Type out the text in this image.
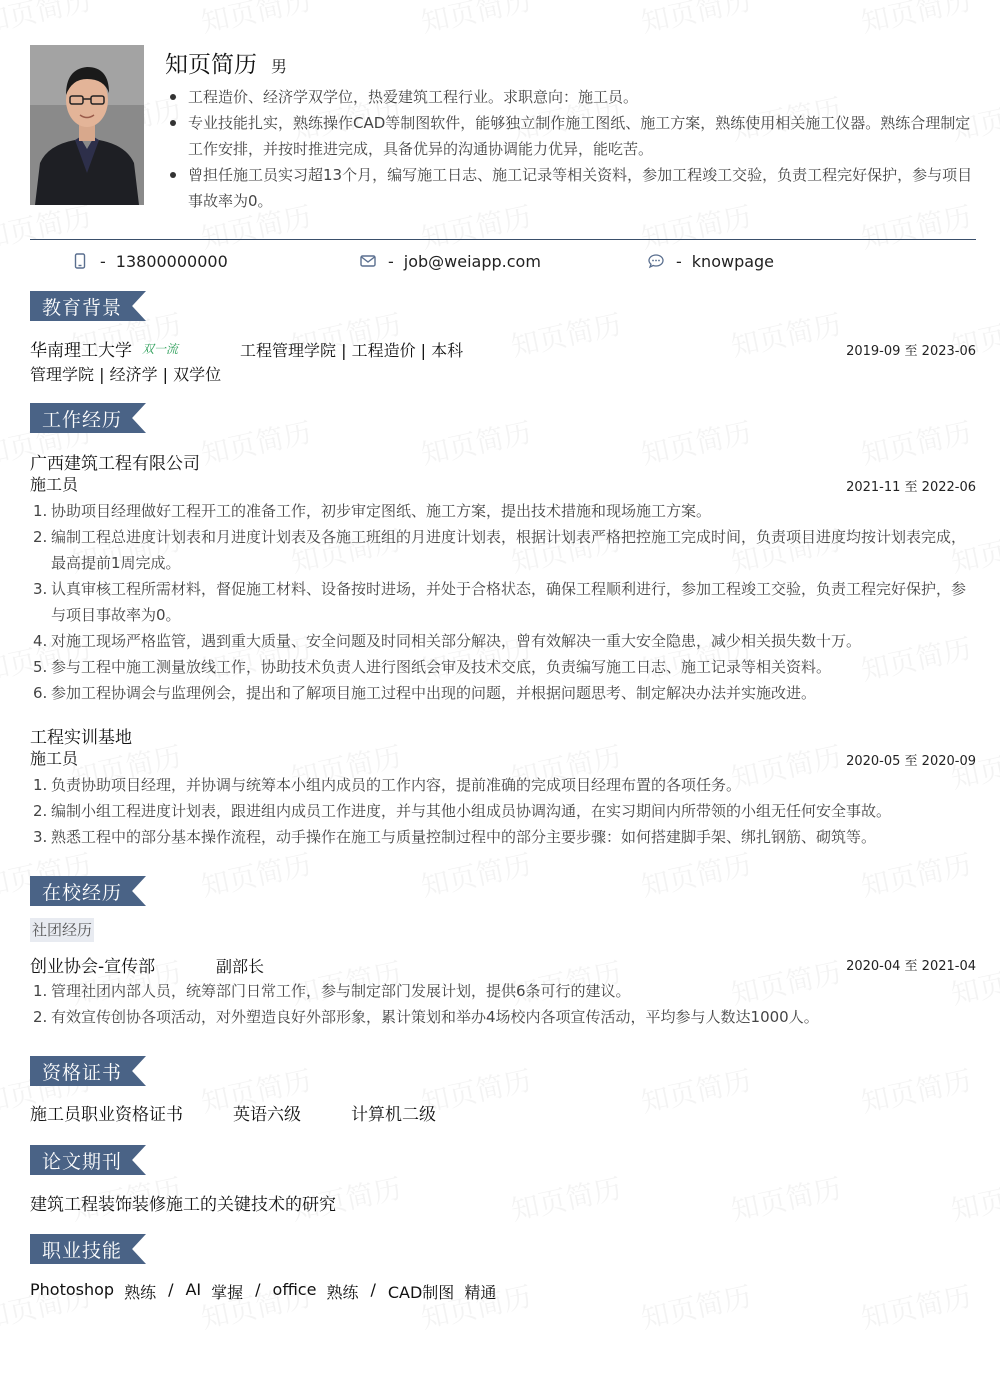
知页简历 男
工程造价、经济学双学位，热爱建筑工程行业。求职意向：施工员。
专业技能扎实，熟练操作CAD等制图软件，能够独立制作施工图纸、施工方案，熟练使用相关施工仪器。熟练合理制定工作安排，并按时推进完成，具备优异的沟通协调能力优异，能吃苦。
曾担任施工员实习超13个月，编写施工日志、施工记录等相关资料，参加工程竣工交验，负责工程完好保护，参与项目事故率为0。
- 13800000000	- job@weiapp.com	- knowpage
教育背景
华南理工大学 双一流	工程管理学院 | 工程造价 | 本科	2019-09 至 2023-06
管理学院 | 经济学 | 双学位
工作经历
广西建筑工程有限公司
施工员	2021-11 至 2022-06
协助项目经理做好工程开工的准备工作，初步审定图纸、施工方案，提出技术措施和现场施工方案。
编制工程总进度计划表和月进度计划表及各施工班组的月进度计划表，根据计划表严格把控施工完成时间，负责项目进度均按计划表完成，最高提前1周完成。
认真审核工程所需材料，督促施工材料、设备按时进场，并处于合格状态，确保工程顺利进行，参加工程竣工交验，负责工程完好保护，参与项目事故率为0。
对施工现场严格监管，遇到重大质量、安全问题及时同相关部分解决，曾有效解决一重大安全隐患，减少相关损失数十万。
参与工程中施工测量放线工作，协助技术负责人进行图纸会审及技术交底，负责编写施工日志、施工记录等相关资料。
参加工程协调会与监理例会，提出和了解项目施工过程中出现的问题，并根据问题思考、制定解决办法并实施改进。
工程实训基地
施工员	2020-05 至 2020-09
负责协助项目经理，并协调与统筹本小组内成员的工作内容，提前准确的完成项目经理布置的各项任务。
编制小组工程进度计划表，跟进组内成员工作进度，并与其他小组成员协调沟通，在实习期间内所带领的小组无任何安全事故。
熟悉工程中的部分基本操作流程，动手操作在施工与质量控制过程中的部分主要步骤：如何搭建脚手架、绑扎钢筋、砌筑等。
在校经历
社团经历
创业协会-宣传部	副部长	2020-04 至 2021-04
管理社团内部人员，统筹部门日常工作，参与制定部门发展计划，提供6条可行的建议。
有效宣传创协各项活动，对外塑造良好外部形象，累计策划和举办4场校内各项宣传活动，平均参与人数达1000人。
资格证书
施工员职业资格证书	英语六级	计算机二级
论文期刊
建筑工程装饰装修施工的关键技术的研究
职业技能
Photoshop 熟练 / AI 掌握 / office 熟练 / CAD制图 精通
